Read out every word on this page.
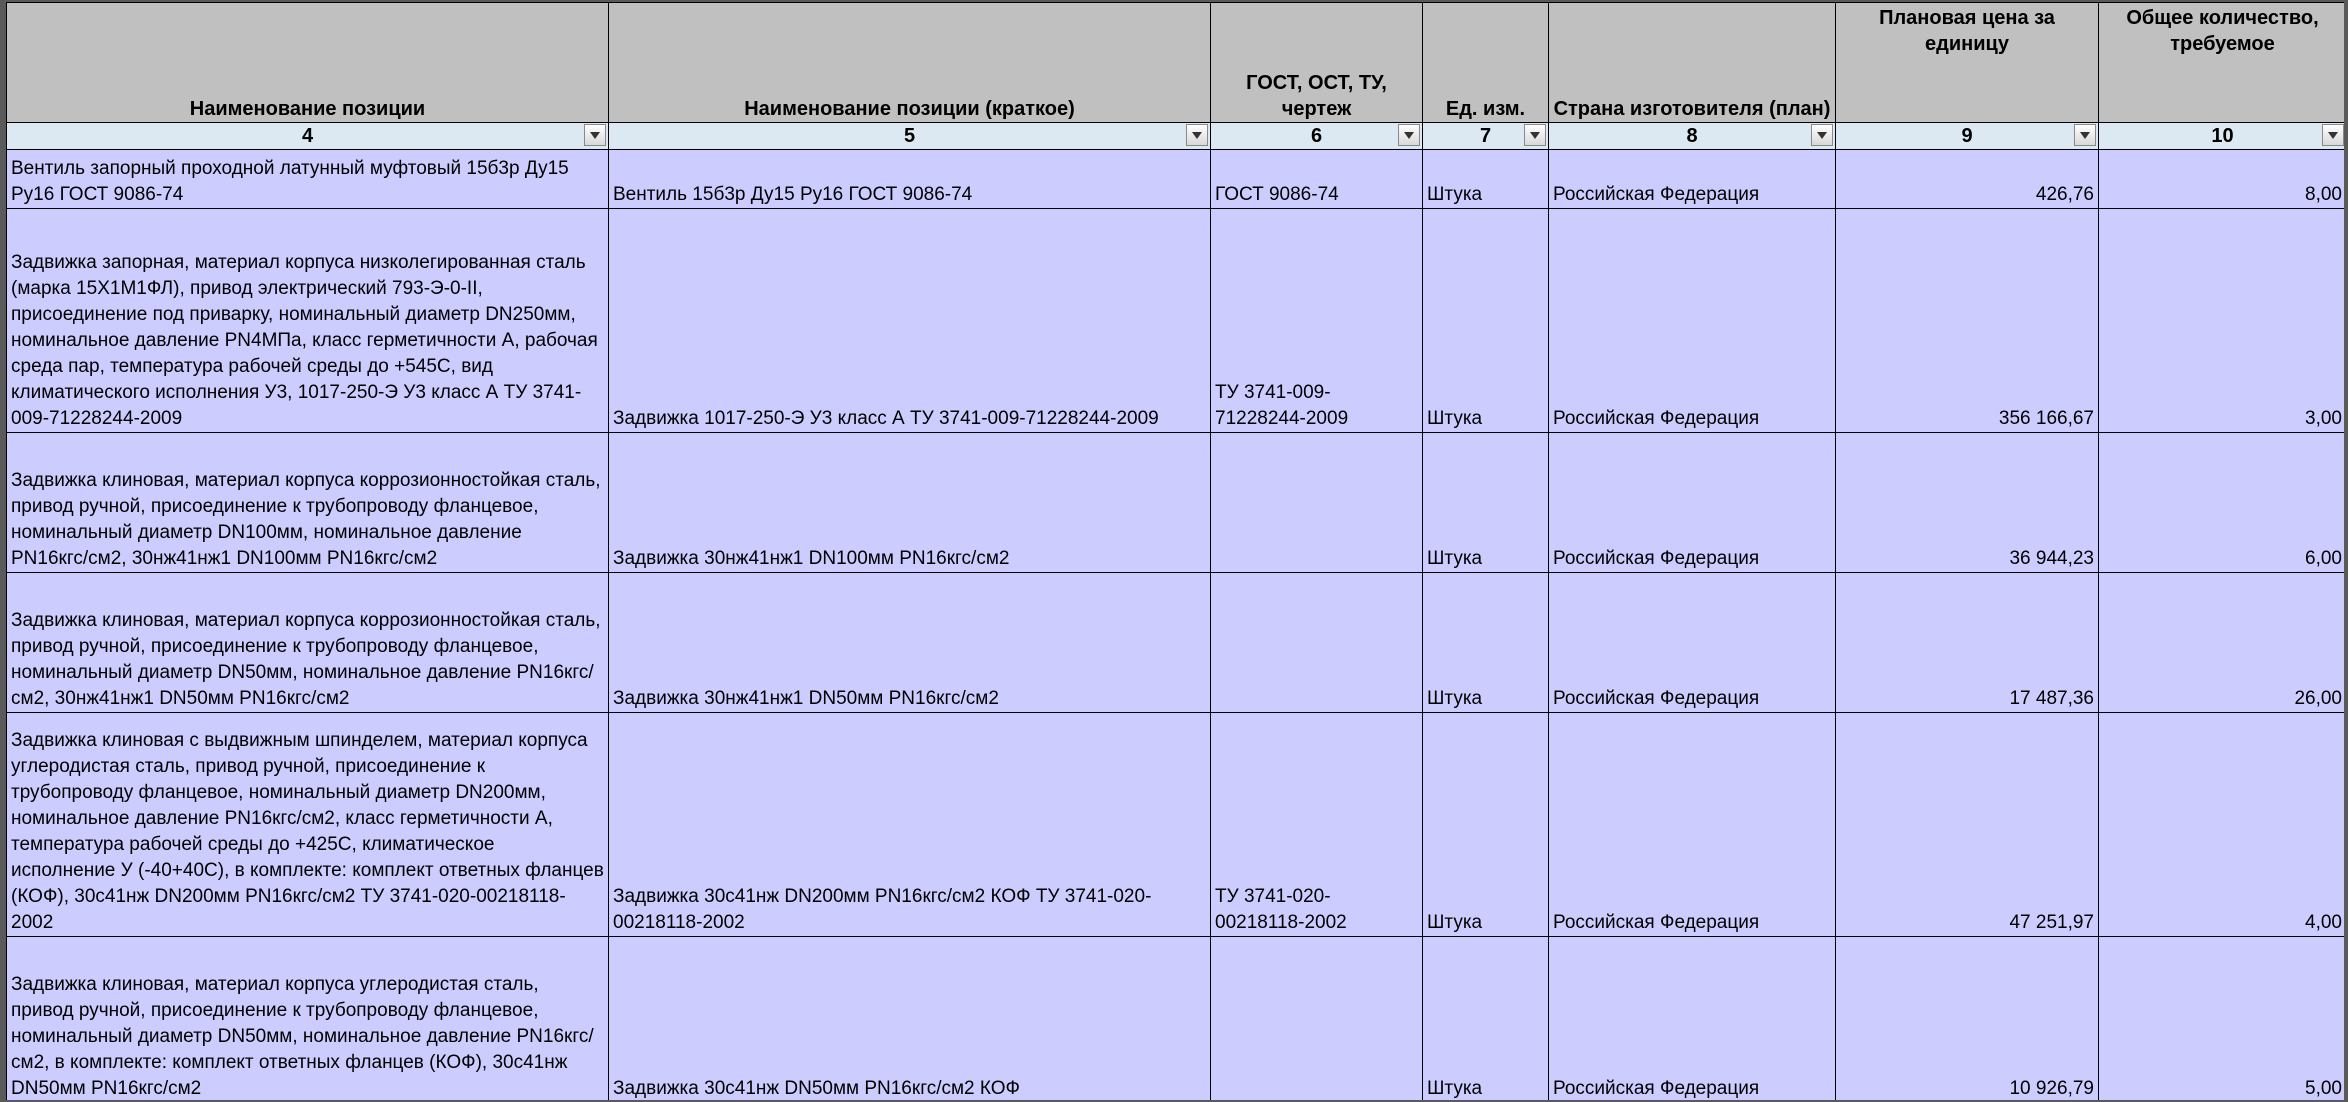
Наименование позиции	Наименование позиции (краткое)	ГОСТ, ОСТ, ТУ, чертеж	Ед. изм.	Страна изготовителя (план)	Плановая цена за единицу	Общее количество, требуемое
4	5	6	7	8	9	10

Вентиль запорный проходной латунный муфтовый 15б3р Ду15 Ру16 ГОСТ 9086-74	Вентиль 15б3р Ду15 Ру16 ГОСТ 9086-74	ГОСТ 9086-74	Штука	Российская Федерация	426,76	8,00
Задвижка запорная, материал корпуса низколегированная сталь (марка 15Х1М1ФЛ), привод электрический 793-Э-0-II, присоединение под приварку, номинальный диаметр DN250мм, номинальное давление PN4МПа, класс герметичности А, рабочая среда пар, температура рабочей среды до +545С, вид климатического исполнения У3, 1017-250-Э У3 класс А ТУ 3741-009-71228244-2009	Задвижка 1017-250-Э У3 класс А ТУ 3741-009-71228244-2009	ТУ 3741-009-71228244-2009	Штука	Российская Федерация	356 166,67	3,00
Задвижка клиновая, материал корпуса коррозионностойкая сталь, привод ручной, присоединение к трубопроводу фланцевое, номинальный диаметр DN100мм, номинальное давление PN16кгс/см2, 30нж41нж1 DN100мм PN16кгс/см2	Задвижка 30нж41нж1 DN100мм PN16кгс/см2		Штука	Российская Федерация	36 944,23	6,00
Задвижка клиновая, материал корпуса коррозионностойкая сталь, привод ручной, присоединение к трубопроводу фланцевое, номинальный диаметр DN50мм, номинальное давление PN16кгс/см2, 30нж41нж1 DN50мм PN16кгс/см2	Задвижка 30нж41нж1 DN50мм PN16кгс/см2		Штука	Российская Федерация	17 487,36	26,00
Задвижка клиновая с выдвижным шпинделем, материал корпуса углеродистая сталь, привод ручной, присоединение к трубопроводу фланцевое, номинальный диаметр DN200мм, номинальное давление PN16кгс/см2, класс герметичности А, температура рабочей среды до +425С, климатическое исполнение У (-40+40С), в комплекте: комплект ответных фланцев (КОФ), 30с41нж DN200мм PN16кгс/см2 ТУ 3741-020-00218118-2002	Задвижка 30с41нж DN200мм PN16кгс/см2 КОФ ТУ 3741-020-00218118-2002	ТУ 3741-020-00218118-2002	Штука	Российская Федерация	47 251,97	4,00
Задвижка клиновая, материал корпуса углеродистая сталь, привод ручной, присоединение к трубопроводу фланцевое, номинальный диаметр DN50мм, номинальное давление PN16кгс/см2, в комплекте: комплект ответных фланцев (КОФ), 30с41нж DN50мм PN16кгс/см2	Задвижка 30с41нж DN50мм PN16кгс/см2 КОФ		Штука	Российская Федерация	10 926,79	5,00
